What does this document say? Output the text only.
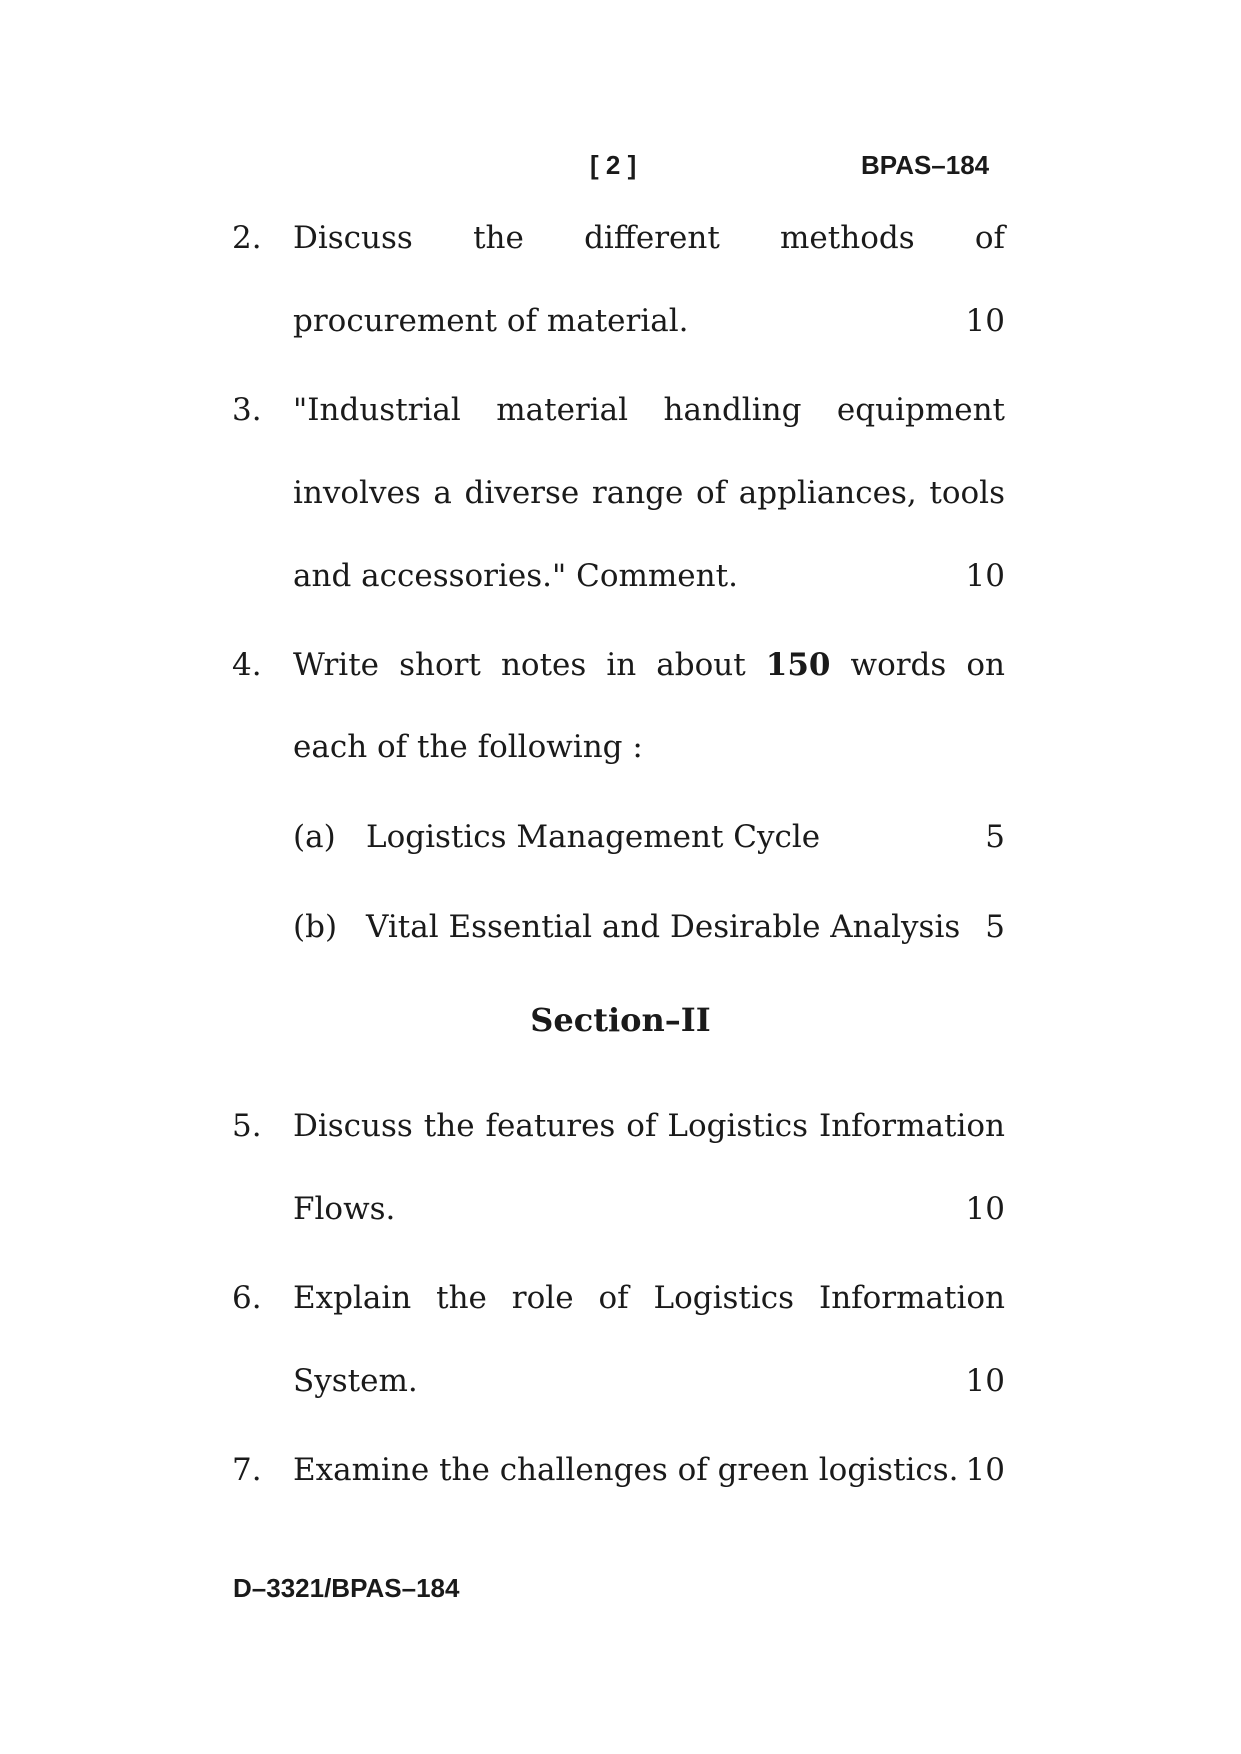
[ 2 ]	BPAS–184
2. Discuss the different methods of
procurement of material.	10
3. "Industrial material handling equipment
involves a diverse range of appliances, tools
and accessories." Comment.	10
4. Write short notes in about 150 words on
each of the following :
(a) Logistics Management Cycle	5
(b) Vital Essential and Desirable Analysis 5
Section–II
5. Discuss the features of Logistics Information
Flows.	10
6. Explain the role of Logistics Information
System.	10
7. Examine the challenges of green logistics. 10
D–3321/BPAS–184
